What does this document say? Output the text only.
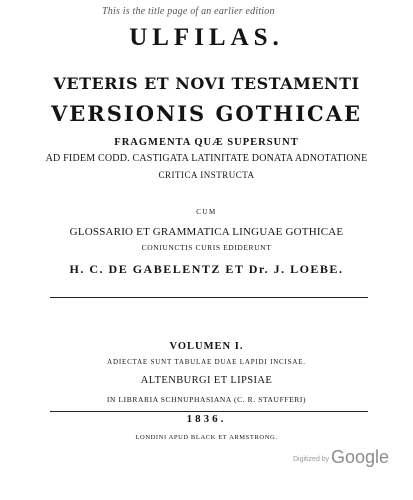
This is the title page of an earlier edition
ULFILAS.
VETERIS ET NOVI TESTAMENTI
VERSIONIS GOTHICAE
FRAGMENTA QUÆ SUPERSUNT
AD FIDEM CODD. CASTIGATA LATINITATE DONATA ADNOTATIONE
CRITICA INSTRUCTA
CUM
GLOSSARIO ET GRAMMATICA LINGUAE GOTHICAE
CONIUNCTIS CURIS EDIDERUNT
H. C. DE GABELENTZ ET Dr. J. LOEBE.
VOLUMEN I.
ADIECTAE SUNT TABULAE DUAE LAPIDI INCISAE.
ALTENBURGI ET LIPSIAE
IN LIBRARIA SCHNUPHASIANA (C. R. STAUFFERI)
1836.
LONDINI APUD BLACK ET ARMSTRONG.
Digitized by Google
